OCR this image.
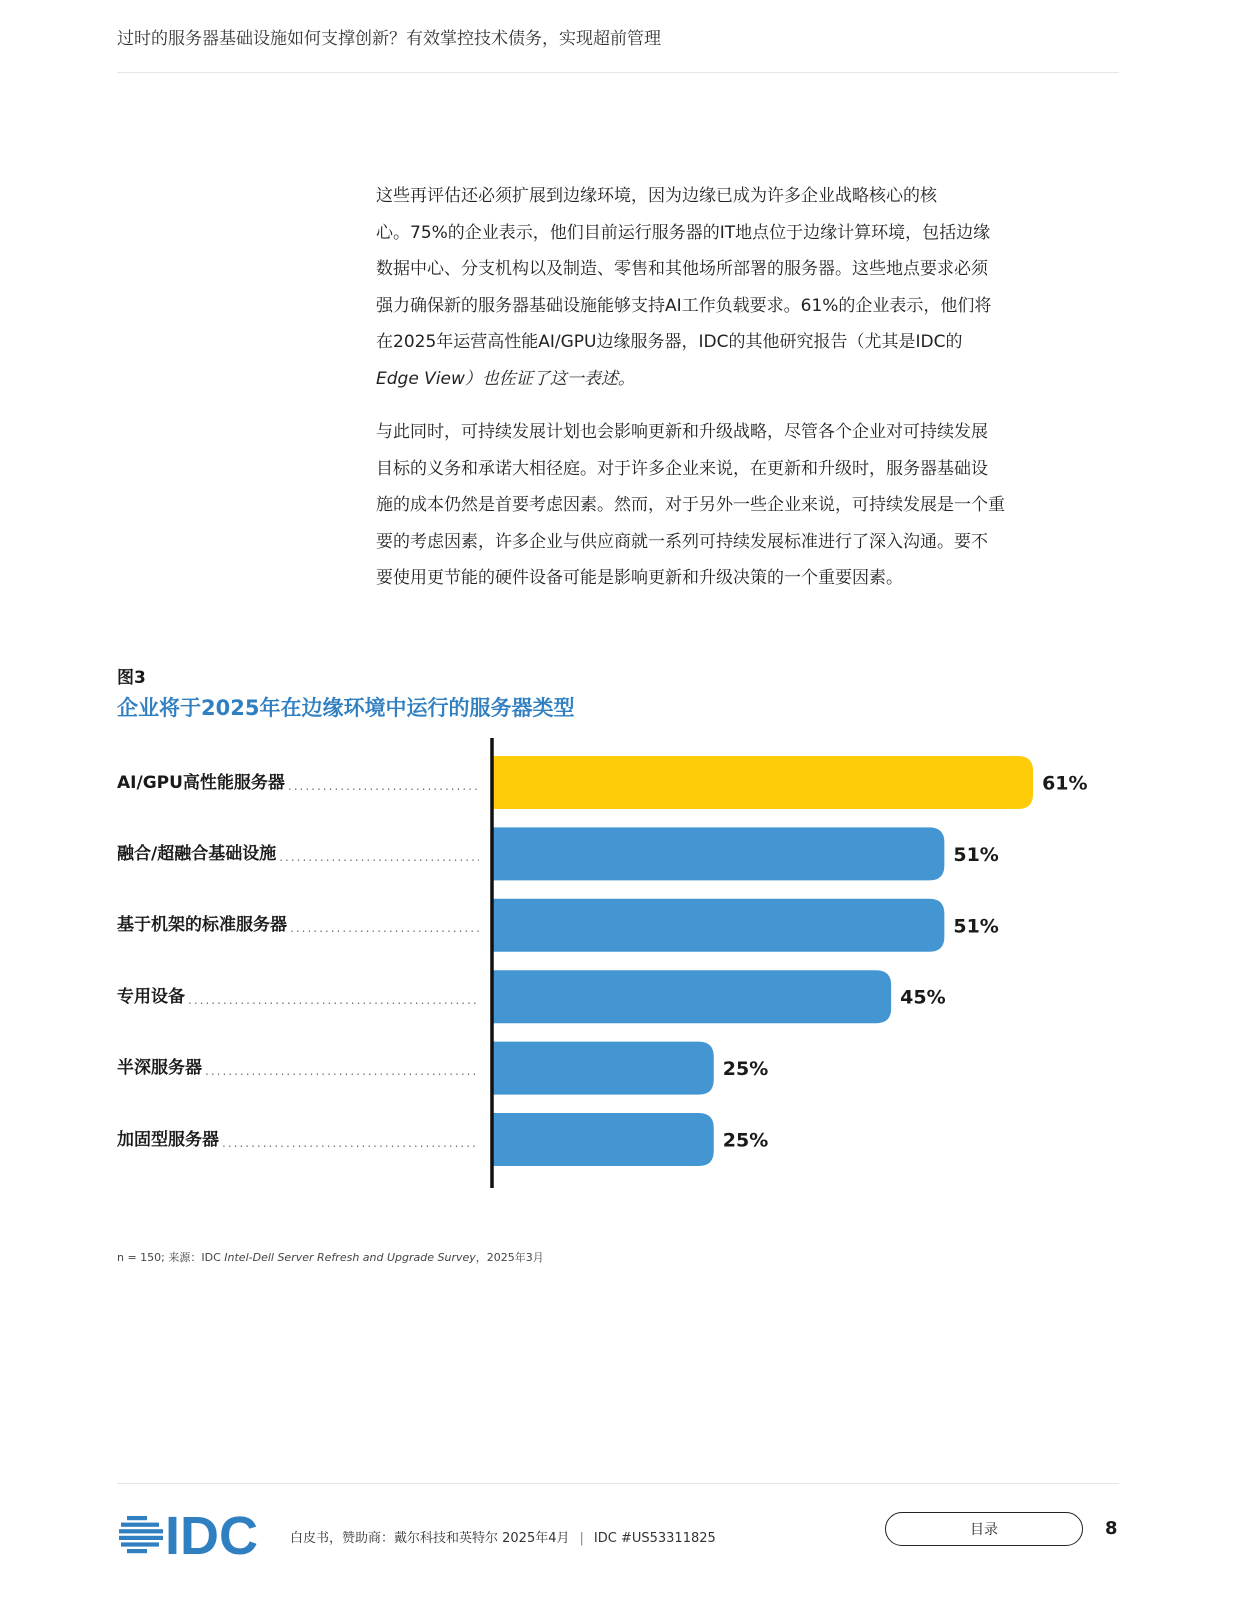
过时的服务器基础设施如何支撑创新？有效掌控技术债务，实现超前管理

这些再评估还必须扩展到边缘环境，因为边缘已成为许多企业战略核心的核
心。75%的企业表示，他们目前运行服务器的IT地点位于边缘计算环境，包括边缘
数据中心、分支机构以及制造、零售和其他场所部署的服务器。这些地点要求必须
强力确保新的服务器基础设施能够支持AI工作负载要求。61%的企业表示，他们将
在2025年运营高性能AI/GPU边缘服务器，IDC的其他研究报告（尤其是IDC的
Edge View）也佐证了这一表述。

与此同时，可持续发展计划也会影响更新和升级战略，尽管各个企业对可持续发展
目标的义务和承诺大相径庭。对于许多企业来说，在更新和升级时，服务器基础设
施的成本仍然是首要考虑因素。然而，对于另外一些企业来说，可持续发展是一个重
要的考虑因素，许多企业与供应商就一系列可持续发展标准进行了深入沟通。要不
要使用更节能的硬件设备可能是影响更新和升级决策的一个重要因素。

图3
企业将于2025年在边缘环境中运行的服务器类型
AI/GPU高性能服务器
.....
融合/超融合基础设施
.....
基于机架的标准服务器
.....
专用设备
.....
半深服务器
.....
加固型服务器
.....
61%
51%
51%
45%
25%
25%
n = 150; 来源：IDC Intel-Dell Server Refresh and Upgrade Survey，2025年3月
IDC 白皮书，赞助商：戴尔科技和英特尔 2025年4月 | IDC #US53311825
目录	8
